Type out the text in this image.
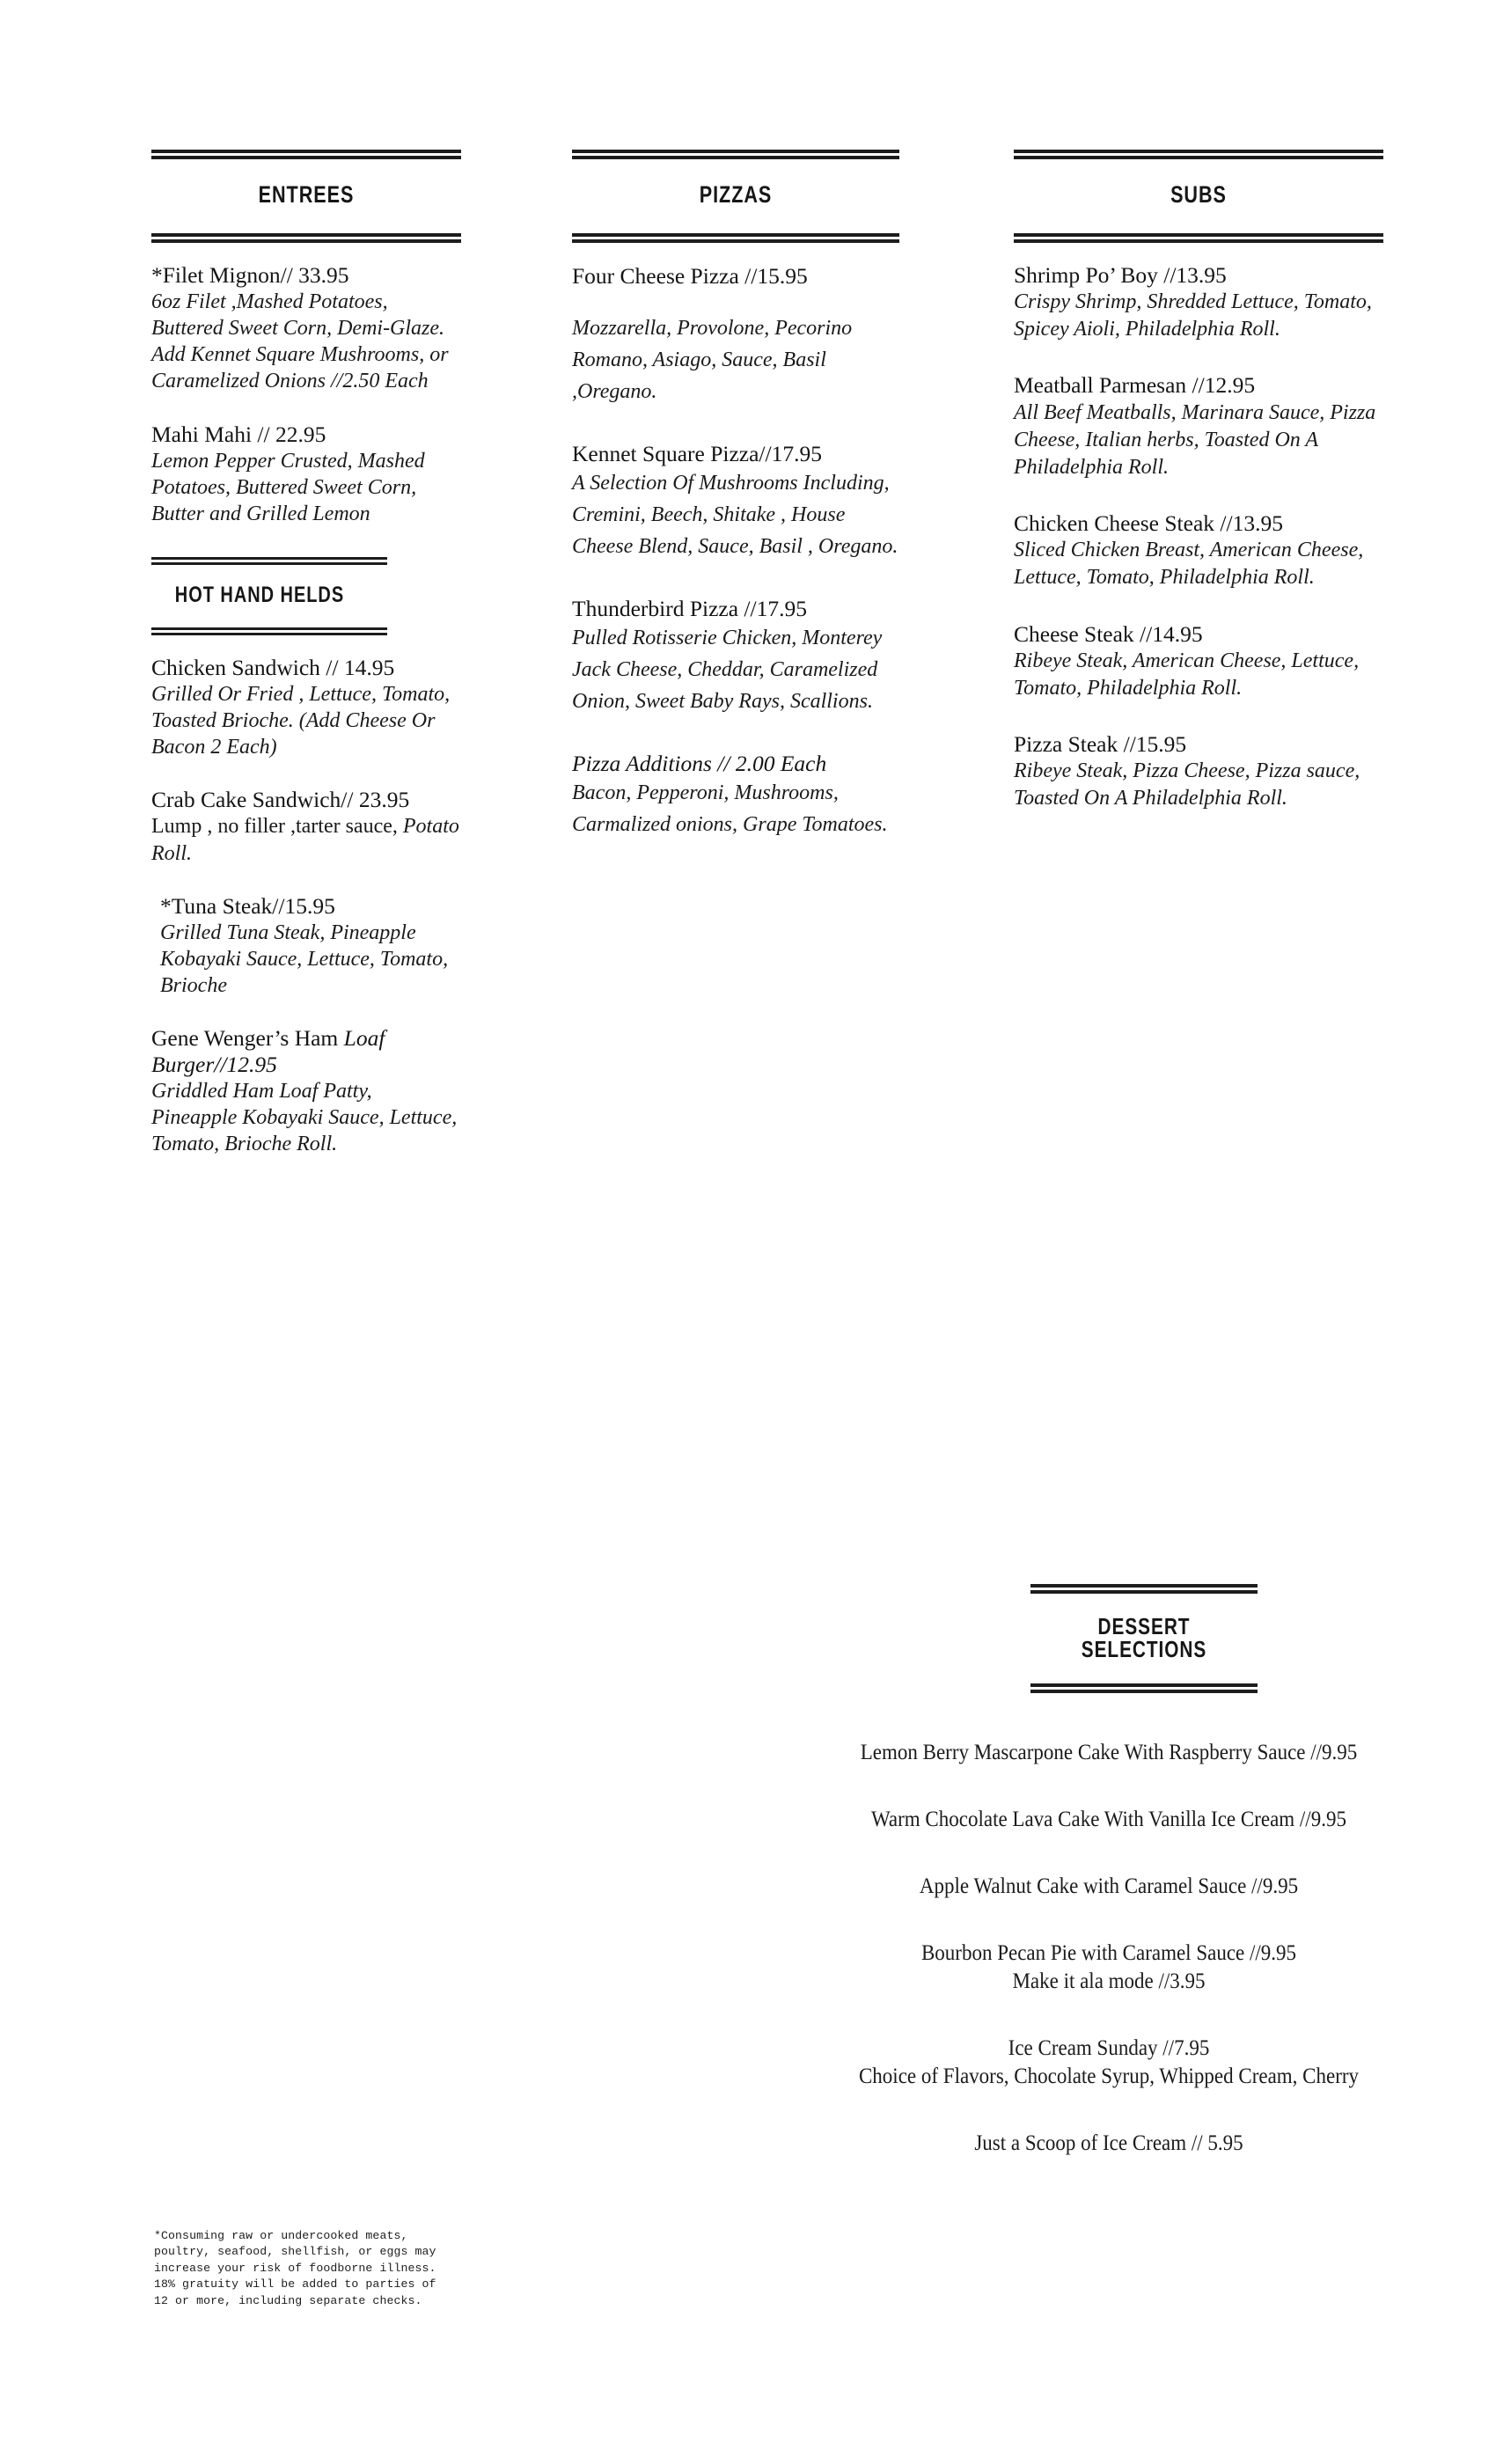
ENTREES
*Filet Mignon// 33.95
6oz Filet ,Mashed Potatoes, Buttered Sweet Corn, Demi-Glaze. Add Kennet Square Mushrooms, or Caramelized Onions //2.50 Each
Mahi Mahi // 22.95
Lemon Pepper Crusted, Mashed Potatoes, Buttered Sweet Corn, Butter and Grilled Lemon
HOT HAND HELDS
Chicken Sandwich // 14.95
Grilled Or Fried , Lettuce, Tomato, Toasted Brioche. (Add Cheese Or Bacon 2 Each)
Crab Cake Sandwich// 23.95
Lump , no filler ,tarter sauce, Potato Roll.
*Tuna Steak//15.95
Grilled Tuna Steak, Pineapple Kobayaki Sauce, Lettuce, Tomato, Brioche
Gene Wenger’s Ham Loaf Burger//12.95
Griddled Ham Loaf Patty, Pineapple Kobayaki Sauce, Lettuce, Tomato, Brioche Roll.
PIZZAS
Four Cheese Pizza //15.95
Mozzarella, Provolone, Pecorino Romano, Asiago, Sauce, Basil ,Oregano.
Kennet Square Pizza//17.95
A Selection Of Mushrooms Including, Cremini, Beech, Shitake , House Cheese Blend, Sauce, Basil , Oregano.
Thunderbird Pizza //17.95
Pulled Rotisserie Chicken, Monterey Jack Cheese, Cheddar, Caramelized Onion, Sweet Baby Rays, Scallions.
Pizza Additions // 2.00 Each
Bacon, Pepperoni, Mushrooms, Carmalized onions, Grape Tomatoes.
SUBS
Shrimp Po’ Boy //13.95
Crispy Shrimp, Shredded Lettuce, Tomato, Spicey Aioli, Philadelphia Roll.
Meatball Parmesan //12.95
All Beef Meatballs, Marinara Sauce, Pizza Cheese, Italian herbs, Toasted On A Philadelphia Roll.
Chicken Cheese Steak //13.95
Sliced Chicken Breast, American Cheese, Lettuce, Tomato, Philadelphia Roll.
Cheese Steak //14.95
Ribeye Steak, American Cheese, Lettuce, Tomato, Philadelphia Roll.
Pizza Steak //15.95
Ribeye Steak, Pizza Cheese, Pizza sauce, Toasted On A Philadelphia Roll.
DESSERT SELECTIONS
Lemon Berry Mascarpone Cake With Raspberry Sauce //9.95
Warm Chocolate Lava Cake With Vanilla Ice Cream //9.95
Apple Walnut Cake with Caramel Sauce //9.95
Bourbon Pecan Pie with Caramel Sauce //9.95
Make it ala mode //3.95
Ice Cream Sunday //7.95
Choice of Flavors, Chocolate Syrup, Whipped Cream, Cherry
Just a Scoop of Ice Cream // 5.95
*Consuming raw or undercooked meats,
poultry, seafood, shellfish, or eggs may
increase your risk of foodborne illness.
18% gratuity will be added to parties of
12 or more, including separate checks.
